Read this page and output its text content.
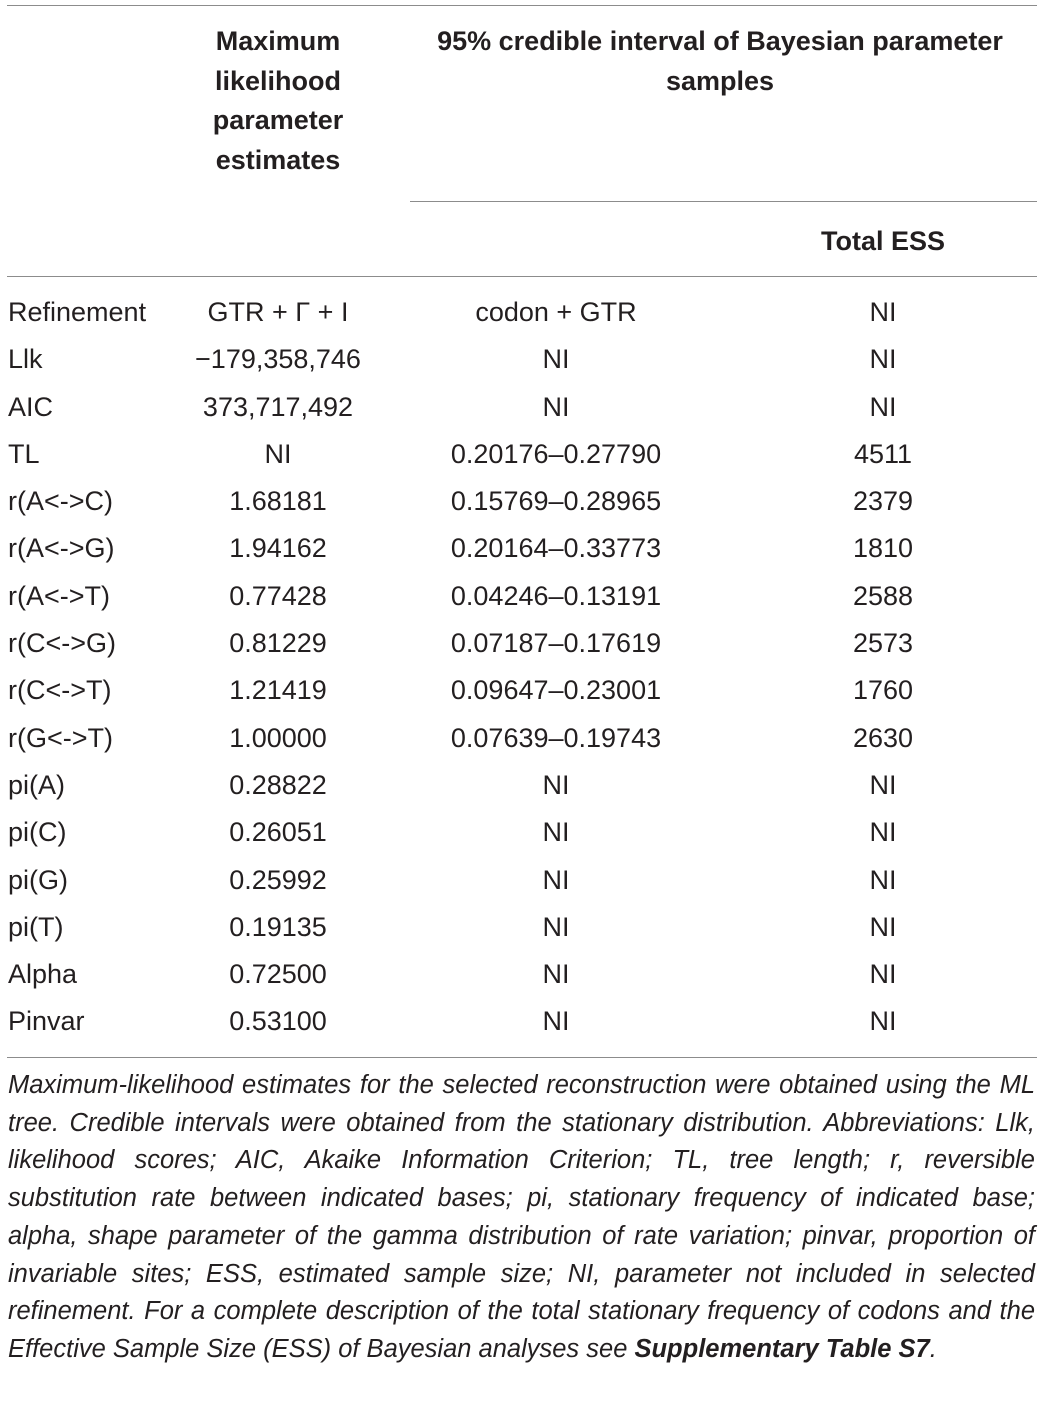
Maximum likelihood parameter estimates
95% credible interval of Bayesian parameter samples
Total ESS
Refinement	GTR + Γ + I	codon + GTR	NI
Llk	−179,358,746	NI	NI
AIC	373,717,492	NI	NI
TL	NI	0.20176–0.27790	4511
r(A<->C)	1.68181	0.15769–0.28965	2379
r(A<->G)	1.94162	0.20164–0.33773	1810
r(A<->T)	0.77428	0.04246–0.13191	2588
r(C<->G)	0.81229	0.07187–0.17619	2573
r(C<->T)	1.21419	0.09647–0.23001	1760
r(G<->T)	1.00000	0.07639–0.19743	2630
pi(A)	0.28822	NI	NI
pi(C)	0.26051	NI	NI
pi(G)	0.25992	NI	NI
pi(T)	0.19135	NI	NI
Alpha	0.72500	NI	NI
Pinvar	0.53100	NI	NI
Maximum-likelihood estimates for the selected reconstruction were obtained using the ML tree. Credible intervals were obtained from the stationary distribution. Abbreviations: Llk, likelihood scores; AIC, Akaike Information Criterion; TL, tree length; r, reversible substitution rate between indicated bases; pi, stationary frequency of indicated base; alpha, shape parameter of the gamma distribution of rate variation; pinvar, proportion of invariable sites; ESS, estimated sample size; NI, parameter not included in selected refinement. For a complete description of the total stationary frequency of codons and the Effective Sample Size (ESS) of Bayesian analyses see Supplementary Table S7.
